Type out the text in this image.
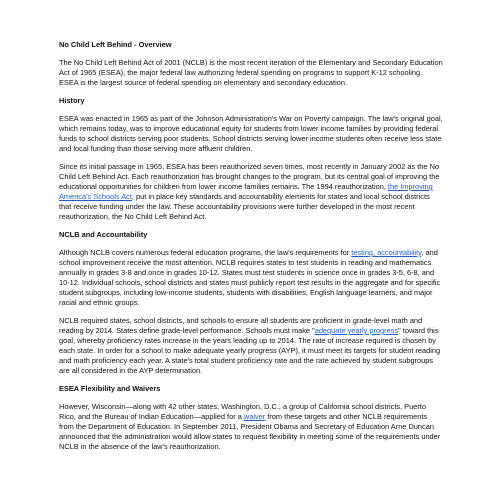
No Child Left Behind - Overview
The No Child Left Behind Act of 2001 (NCLB) is the most recent iteration of the Elementary and Secondary Education Act of 1965 (ESEA), the major federal law authorizing federal spending on programs to support K-12 schooling. ESEA is the largest source of federal spending on elementary and secondary education.
History
ESEA was enacted in 1965 as part of the Johnson Administration's War on Poverty campaign. The law's original goal, which remains today, was to improve educational equity for students from lower income families by providing federal funds to school districts serving poor students. School districts serving lower income students often receive less state and local funding than those serving more affluent children.
Since its initial passage in 1965, ESEA has been reauthorized seven times, most recently in January 2002 as the No Child Left Behind Act. Each reauthorization has brought changes to the program, but its central goal of improving the educational opportunities for children from lower income families remains. The 1994 reauthorization, the Improving America's Schools Act, put in place key standards and accountability elements for states and local school districts that receive funding under the law. These accountability provisions were further developed in the most recent reauthorization, the No Child Left Behind Act.
NCLB and Accountability
Although NCLB covers numerous federal education programs, the law's requirements for testing, accountability, and school improvement receive the most attention. NCLB requires states to test students in reading and mathematics annually in grades 3-8 and once in grades 10-12. States must test students in science once in grades 3-5, 6-8, and 10-12. Individual schools, school districts and states must publicly report test results in the aggregate and for specific student subgroups, including low-income students, students with disabilities, English language learners, and major racial and ethnic groups.
NCLB required states, school districts, and schools to ensure all students are proficient in grade-level math and reading by 2014. States define grade-level performance. Schools must make "adequate yearly progress" toward this goal, whereby proficiency rates increase in the years leading up to 2014. The rate of increase required is chosen by each state. In order for a school to make adequate yearly progress (AYP), it must meet its targets for student reading and math proficiency each year. A state's total student proficiency rate and the rate achieved by student subgroups are all considered in the AYP determination.
ESEA Flexibility and Waivers
However, Wisconsin—along with 42 other states, Washington, D.C., a group of California school districts, Puerto Rico, and the Bureau of Indian Education—applied for a waiver from these targets and other NCLB requirements from the Department of Education. In September 2011, President Obama and Secretary of Education Arne Duncan announced that the administration would allow states to request flexibility in meeting some of the requirements under NCLB in the absence of the law's reauthorization.
